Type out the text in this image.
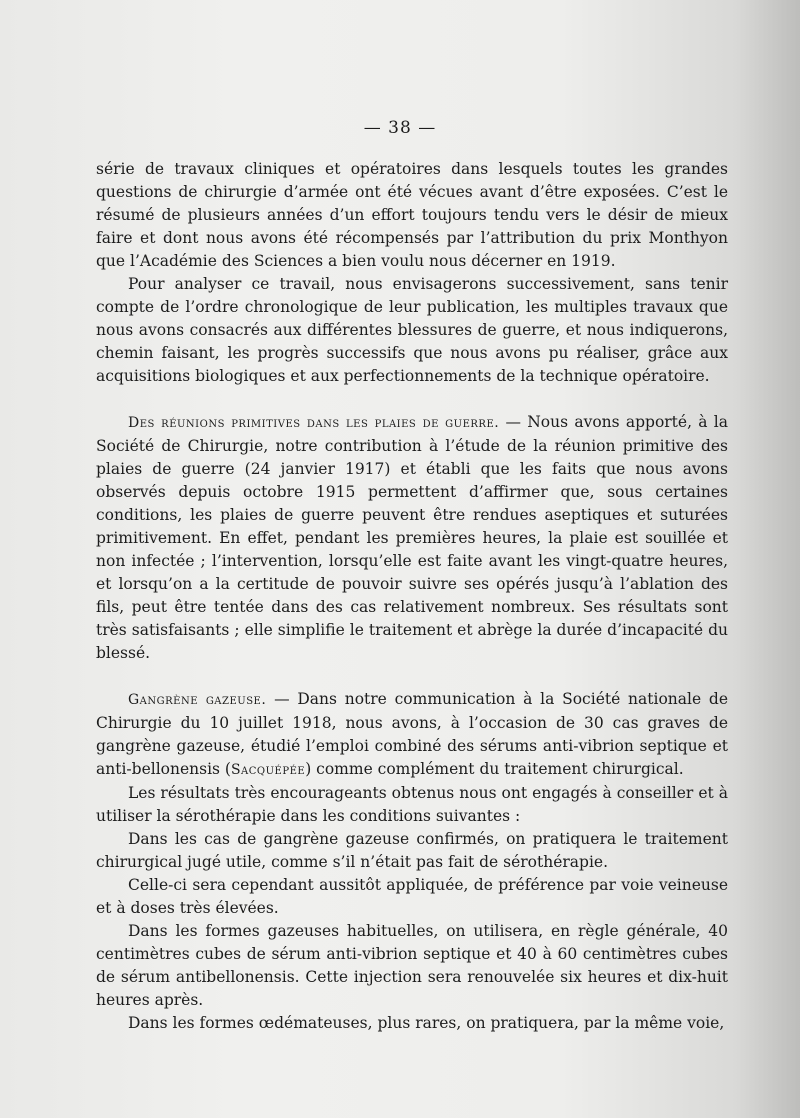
— 38 —

série de travaux cliniques et opératoires dans lesquels toutes les grandes questions de chirurgie d’armée ont été vécues avant d’être exposées. C’est le résumé de plusieurs années d’un effort toujours tendu vers le désir de mieux faire et dont nous avons été récompensés par l’attribution du prix Monthyon que l’Académie des Sciences a bien voulu nous décerner en 1919.

Pour analyser ce travail, nous envisagerons successivement, sans tenir compte de l’ordre chronologique de leur publication, les multiples travaux que nous avons consacrés aux différentes blessures de guerre, et nous indiquerons, chemin faisant, les progrès successifs que nous avons pu réaliser, grâce aux acquisitions biologiques et aux perfectionnements de la technique opératoire.

Des réunions primitives dans les plaies de guerre. — Nous avons apporté, à la Société de Chirurgie, notre contribution à l’étude de la réunion primitive des plaies de guerre (24 janvier 1917) et établi que les faits que nous avons observés depuis octobre 1915 permettent d’affirmer que, sous certaines conditions, les plaies de guerre peuvent être rendues aseptiques et suturées primitivement. En effet, pendant les premières heures, la plaie est souillée et non infectée ; l’intervention, lorsqu’elle est faite avant les vingt-quatre heures, et lorsqu’on a la certitude de pouvoir suivre ses opérés jusqu’à l’ablation des fils, peut être tentée dans des cas relativement nombreux. Ses résultats sont très satisfaisants ; elle simplifie le traitement et abrège la durée d’incapacité du blessé.

Gangrène gazeuse. — Dans notre communication à la Société nationale de Chirurgie du 10 juillet 1918, nous avons, à l’occasion de 30 cas graves de gangrène gazeuse, étudié l’emploi combiné des sérums anti-vibrion septique et anti-bellonensis (Sacquépée) comme complément du traitement chirurgical.

Les résultats très encourageants obtenus nous ont engagés à conseiller et à utiliser la sérothérapie dans les conditions suivantes :

Dans les cas de gangrène gazeuse confirmés, on pratiquera le traitement chirurgical jugé utile, comme s’il n’était pas fait de sérothérapie.

Celle-ci sera cependant aussitôt appliquée, de préférence par voie veineuse et à doses très élevées.

Dans les formes gazeuses habituelles, on utilisera, en règle générale, 40 centimètres cubes de sérum anti-vibrion septique et 40 à 60 centimètres cubes de sérum antibellonensis. Cette injection sera renouvelée six heures et dix-huit heures après.

Dans les formes œdémateuses, plus rares, on pratiquera, par la même voie,
